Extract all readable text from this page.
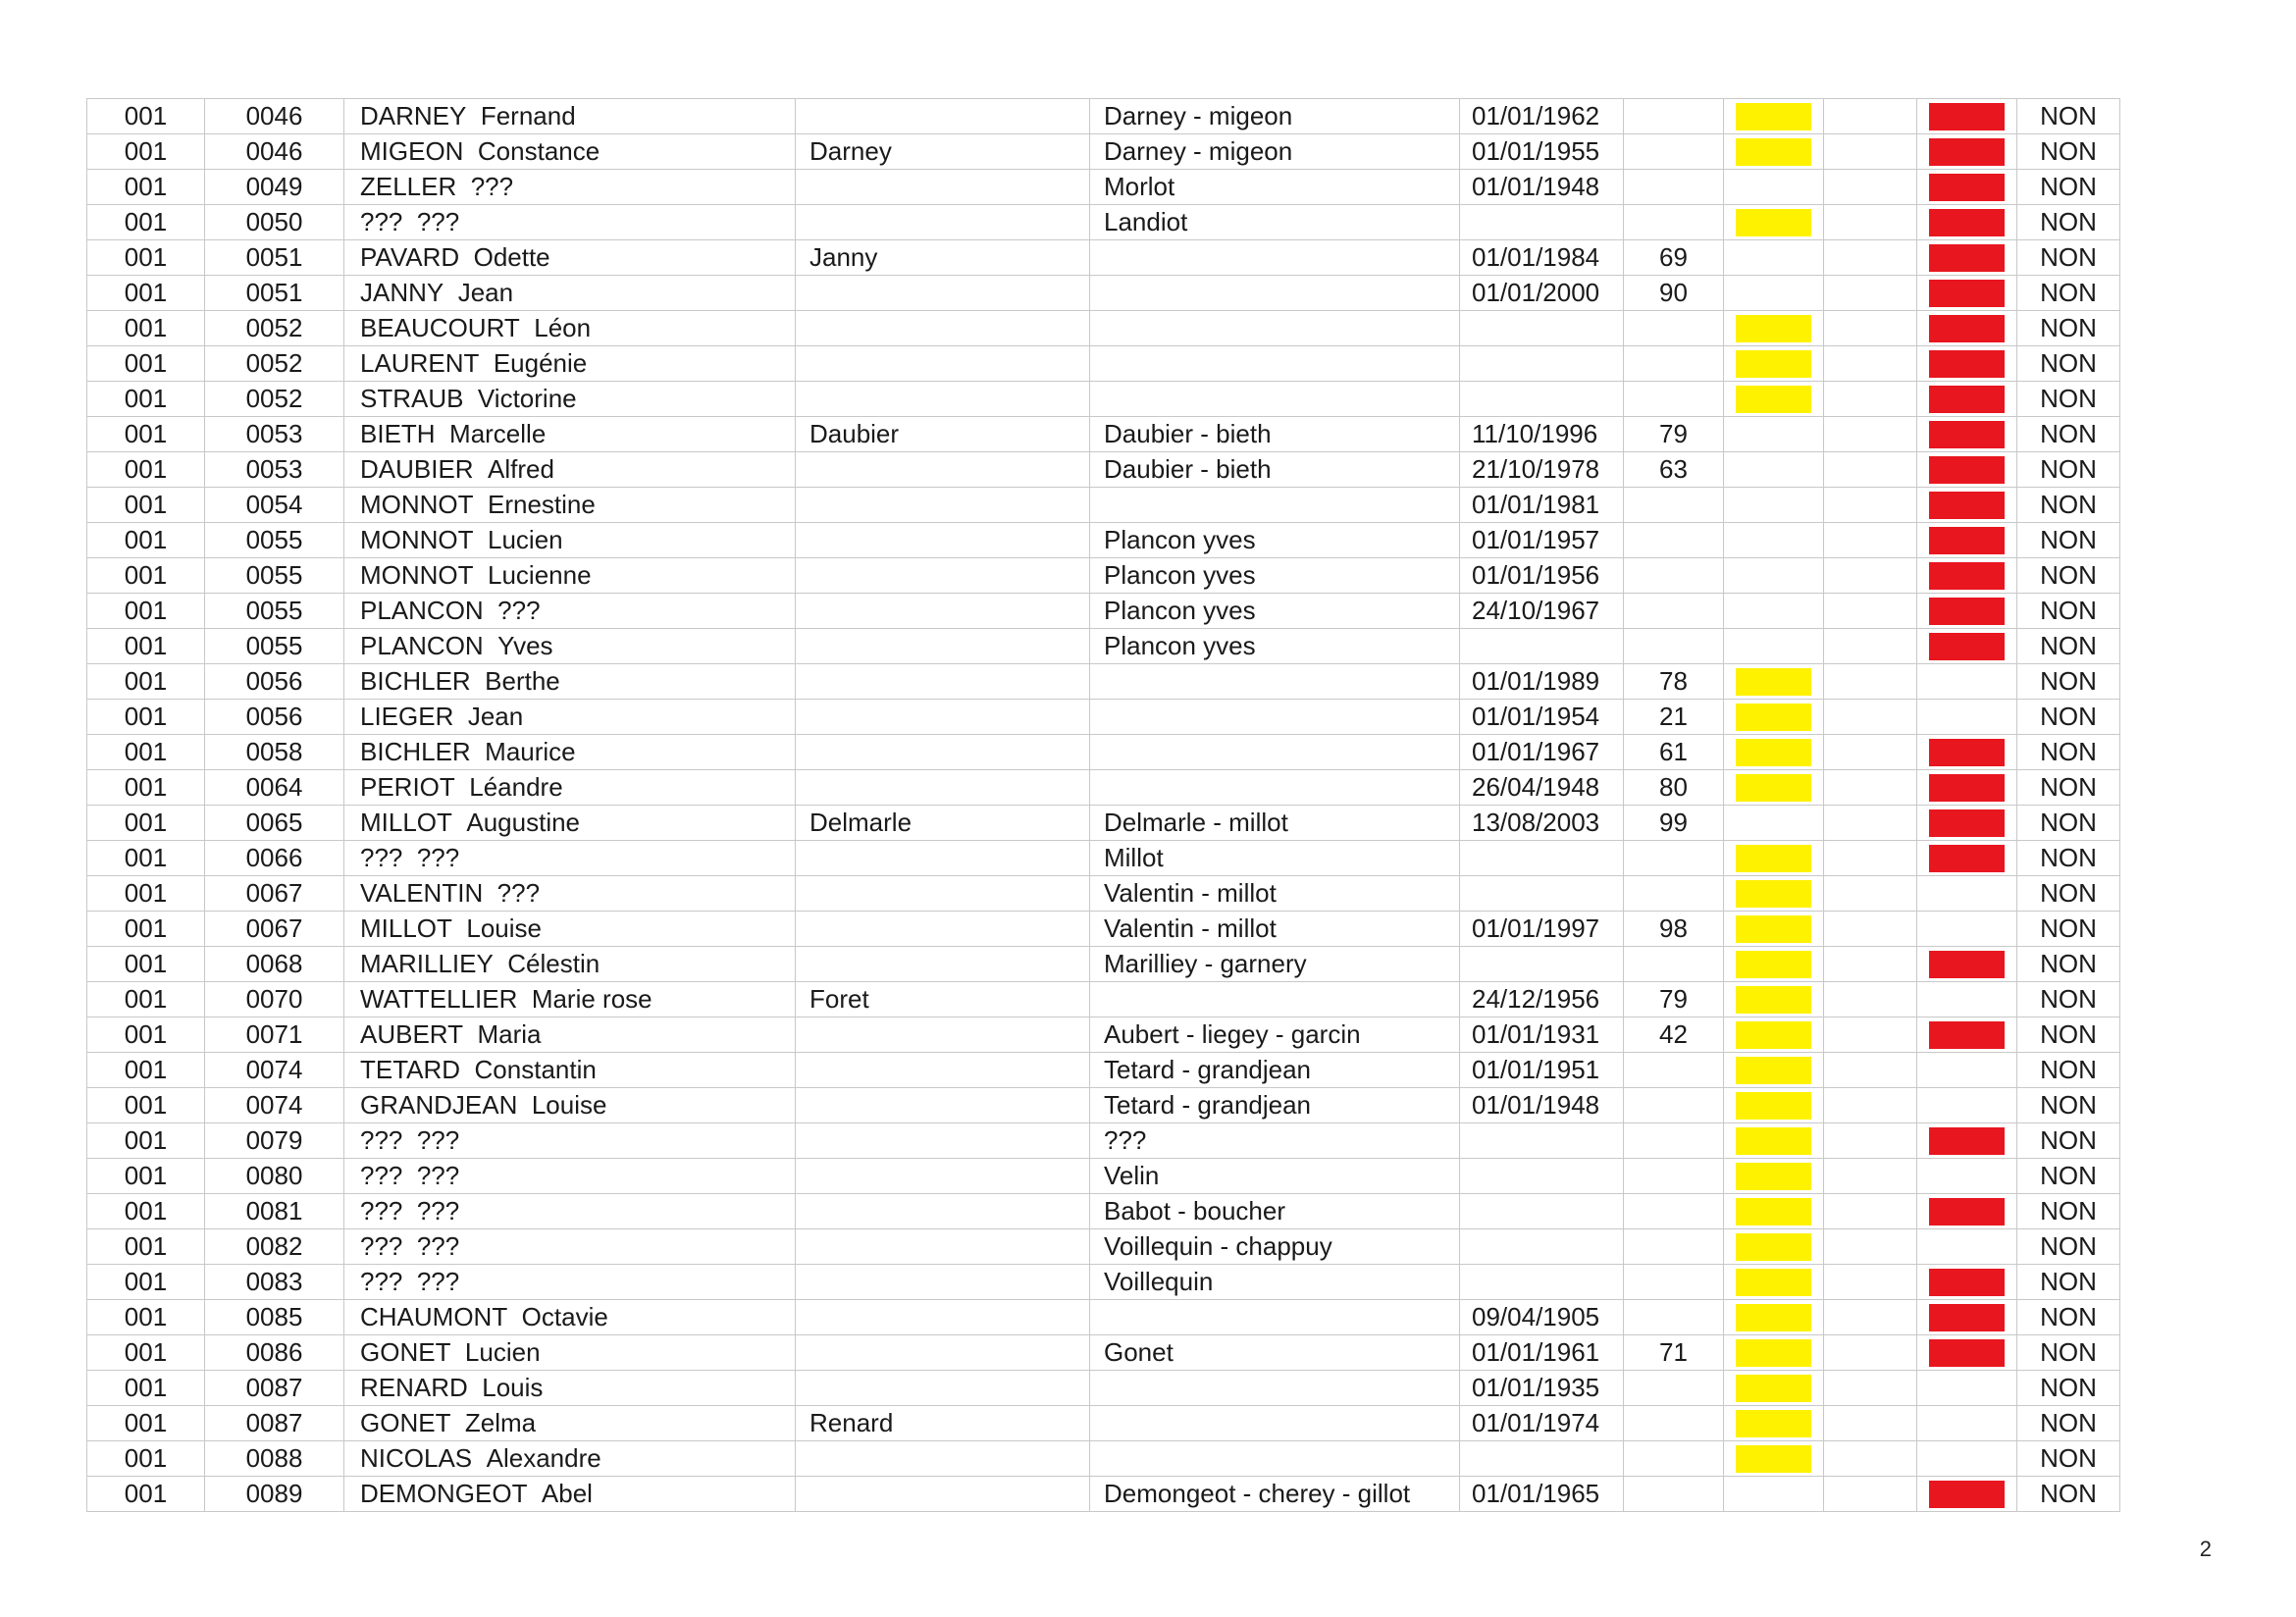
001	0046	DARNEY Fernand		Darney - migeon	01/01/1962					NON
001	0046	MIGEON Constance	Darney	Darney - migeon	01/01/1955					NON
001	0049	ZELLER ???		Morlot	01/01/1948					NON
001	0050	??? ???		Landiot						NON
001	0051	PAVARD Odette	Janny		01/01/1984	69				NON
001	0051	JANNY Jean			01/01/2000	90				NON
001	0052	BEAUCOURT Léon								NON
001	0052	LAURENT Eugénie								NON
001	0052	STRAUB Victorine								NON
001	0053	BIETH Marcelle	Daubier	Daubier - bieth	11/10/1996	79				NON
001	0053	DAUBIER Alfred		Daubier - bieth	21/10/1978	63				NON
001	0054	MONNOT Ernestine			01/01/1981					NON
001	0055	MONNOT Lucien		Plancon yves	01/01/1957					NON
001	0055	MONNOT Lucienne		Plancon yves	01/01/1956					NON
001	0055	PLANCON ???		Plancon yves	24/10/1967					NON
001	0055	PLANCON Yves		Plancon yves						NON
001	0056	BICHLER Berthe			01/01/1989	78				NON
001	0056	LIEGER Jean			01/01/1954	21				NON
001	0058	BICHLER Maurice			01/01/1967	61				NON
001	0064	PERIOT Léandre			26/04/1948	80				NON
001	0065	MILLOT Augustine	Delmarle	Delmarle - millot	13/08/2003	99				NON
001	0066	??? ???		Millot						NON
001	0067	VALENTIN ???		Valentin - millot						NON
001	0067	MILLOT Louise		Valentin - millot	01/01/1997	98				NON
001	0068	MARILLIEY Célestin		Marilliey - garnery						NON
001	0070	WATTELLIER Marie rose	Foret		24/12/1956	79				NON
001	0071	AUBERT Maria		Aubert - liegey - garcin	01/01/1931	42				NON
001	0074	TETARD Constantin		Tetard - grandjean	01/01/1951					NON
001	0074	GRANDJEAN Louise		Tetard - grandjean	01/01/1948					NON
001	0079	??? ???		???						NON
001	0080	??? ???		Velin						NON
001	0081	??? ???		Babot - boucher						NON
001	0082	??? ???		Voillequin - chappuy						NON
001	0083	??? ???		Voillequin						NON
001	0085	CHAUMONT Octavie			09/04/1905					NON
001	0086	GONET Lucien		Gonet	01/01/1961	71				NON
001	0087	RENARD Louis			01/01/1935					NON
001	0087	GONET Zelma	Renard		01/01/1974					NON
001	0088	NICOLAS Alexandre								NON
001	0089	DEMONGEOT Abel		Demongeot - cherey - gillot	01/01/1965					NON
2
